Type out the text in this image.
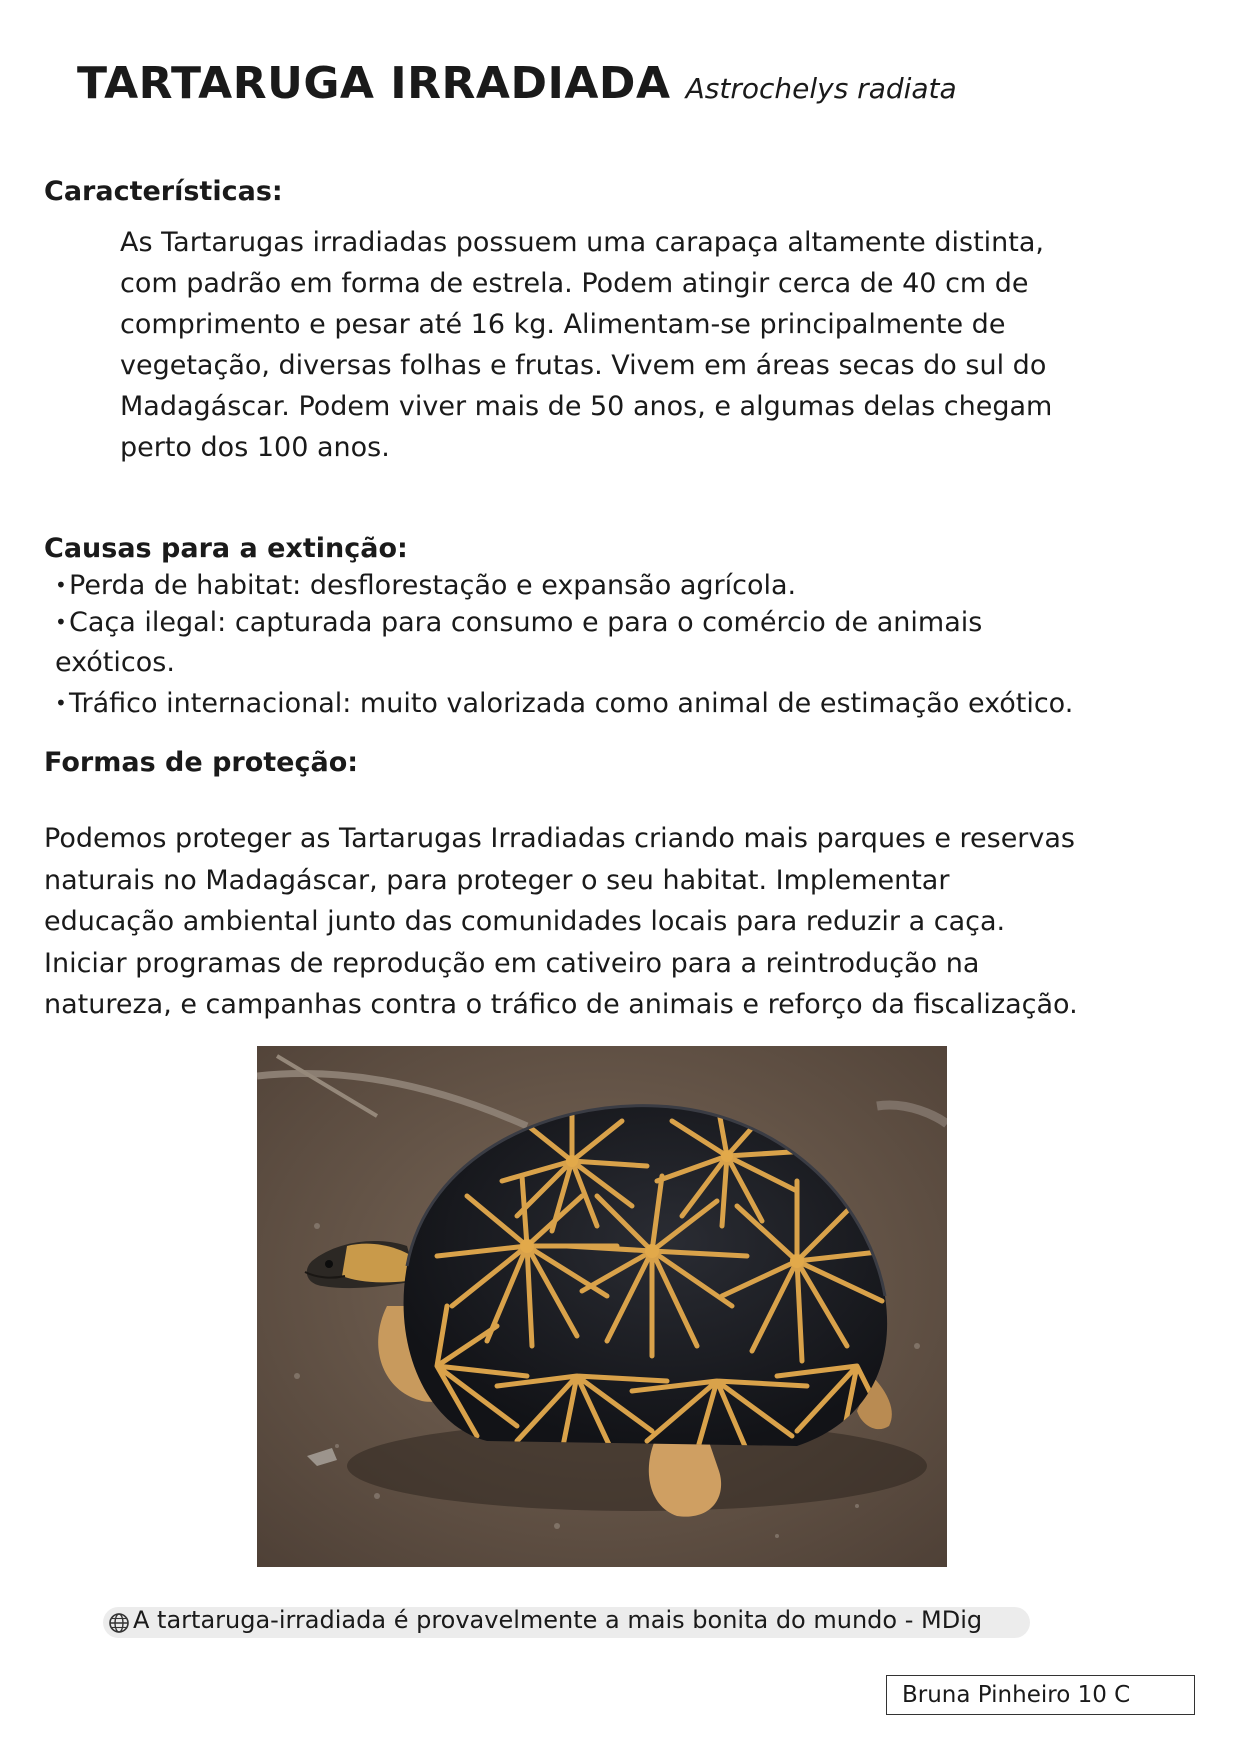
TARTARUGA IRRADIADA Astrochelys radiata
Características:
As Tartarugas irradiadas possuem uma carapaça altamente distinta,
com padrão em forma de estrela. Podem atingir cerca de 40 cm de
comprimento e pesar até 16 kg. Alimentam-se principalmente de
vegetação, diversas folhas e frutas. Vivem em áreas secas do sul do
Madagáscar. Podem viver mais de 50 anos, e algumas delas chegam
perto dos 100 anos.
Causas para a extinção:
•Perda de habitat: desflorestação e expansão agrícola.
•Caça ilegal: capturada para consumo e para o comércio de animais
exóticos.
•Tráfico internacional: muito valorizada como animal de estimação exótico.
Formas de proteção:
Podemos proteger as Tartarugas Irradiadas criando mais parques e reservas
naturais no Madagáscar, para proteger o seu habitat. Implementar
educação ambiental junto das comunidades locais para reduzir a caça.
Iniciar programas de reprodução em cativeiro para a reintrodução na
natureza, e campanhas contra o tráfico de animais e reforço da fiscalização.
A tartaruga-irradiada é provavelmente a mais bonita do mundo - MDig
Bruna Pinheiro 10 C
